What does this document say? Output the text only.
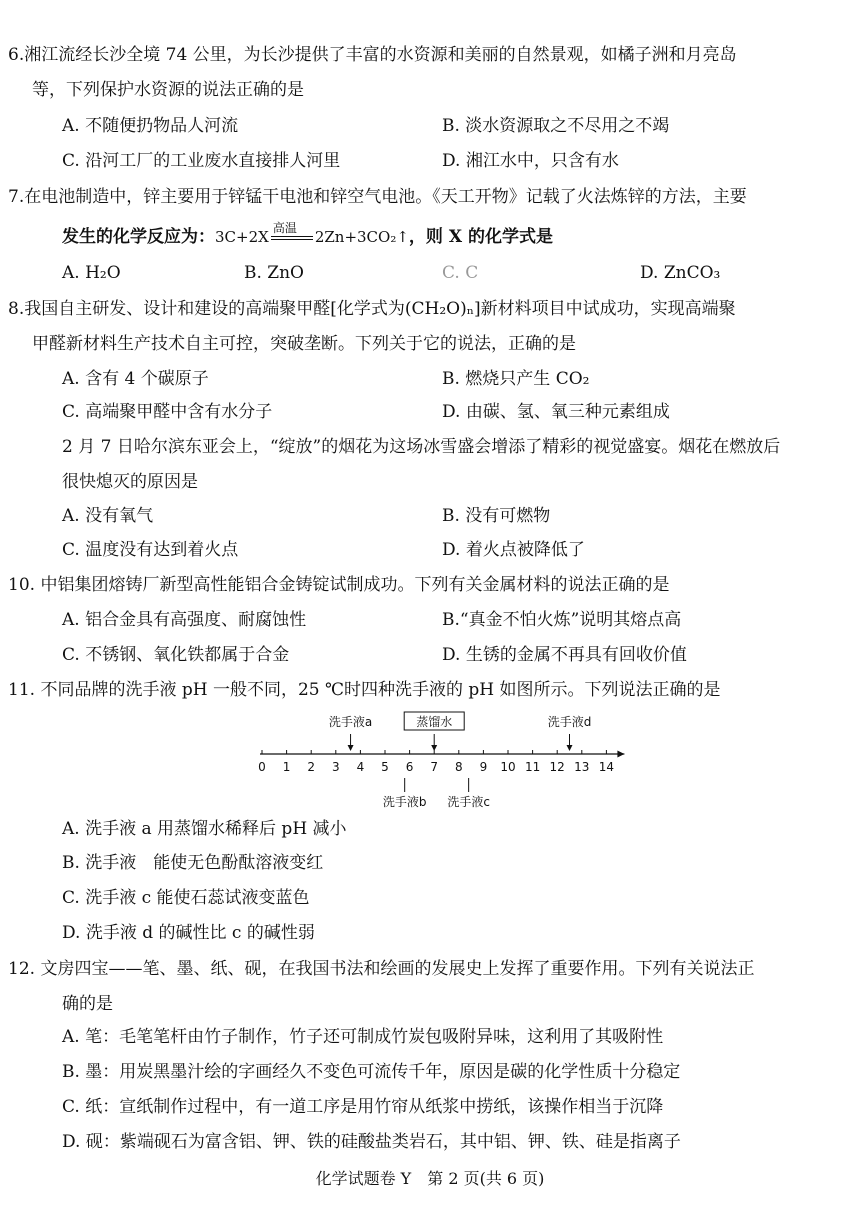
6.湘江流经长沙全境 74 公里，为长沙提供了丰富的水资源和美丽的自然景观，如橘子洲和月亮岛
等，下列保护水资源的说法正确的是
A. 不随便扔物品人河流	B. 淡水资源取之不尽用之不竭
C. 沿河工厂的工业废水直接排人河里	D. 湘江水中，只含有水
7.在电池制造中，锌主要用于锌锰干电池和锌空气电池。《天工开物》记载了火法炼锌的方法，主要
发生的化学反应为：3C+2X 高温 2Zn+3CO₂↑，则 X 的化学式是
A. H₂O	B. ZnO	C. C	D. ZnCO₃
8.我国自主研发、设计和建设的高端聚甲醛[化学式为(CH₂O)ₙ]新材料项目中试成功，实现高端聚
甲醛新材料生产技术自主可控，突破垄断。下列关于它的说法，正确的是
A. 含有 4 个碳原子	B. 燃烧只产生 CO₂
C. 高端聚甲醛中含有水分子	D. 由碳、氢、氧三种元素组成
2 月 7 日哈尔滨东亚会上，“绽放”的烟花为这场冰雪盛会增添了精彩的视觉盛宴。烟花在燃放后
很快熄灭的原因是
A. 没有氧气	B. 没有可燃物
C. 温度没有达到着火点	D. 着火点被降低了
10. 中铝集团熔铸厂新型高性能铝合金铸锭试制成功。下列有关金属材料的说法正确的是
A. 铝合金具有高强度、耐腐蚀性	B.“真金不怕火炼”说明其熔点高
C. 不锈钢、氧化铁都属于合金	D. 生锈的金属不再具有回收价值
11. 不同品牌的洗手液 pH 一般不同，25 ℃时四种洗手液的 pH 如图所示。下列说法正确的是
0 1 2 3 4 5 6 7 8 9 10 11 12 13 14
洗手液a	蒸馏水	洗手液d
洗手液b 洗手液c
A. 洗手液 a 用蒸馏水稀释后 pH 减小
B. 洗手液　能使无色酚酞溶液变红
C. 洗手液 c 能使石蕊试液变蓝色
D. 洗手液 d 的碱性比 c 的碱性弱
12. 文房四宝——笔、墨、纸、砚，在我国书法和绘画的发展史上发挥了重要作用。下列有关说法正
确的是
A. 笔：毛笔笔杆由竹子制作，竹子还可制成竹炭包吸附异味，这利用了其吸附性
B. 墨：用炭黑墨汁绘的字画经久不变色可流传千年，原因是碳的化学性质十分稳定
C. 纸：宣纸制作过程中，有一道工序是用竹帘从纸浆中捞纸，该操作相当于沉降
D. 砚：紫端砚石为富含铝、钾、铁的硅酸盐类岩石，其中铝、钾、铁、硅是指离子
化学试题卷 Y　第 2 页(共 6 页)
